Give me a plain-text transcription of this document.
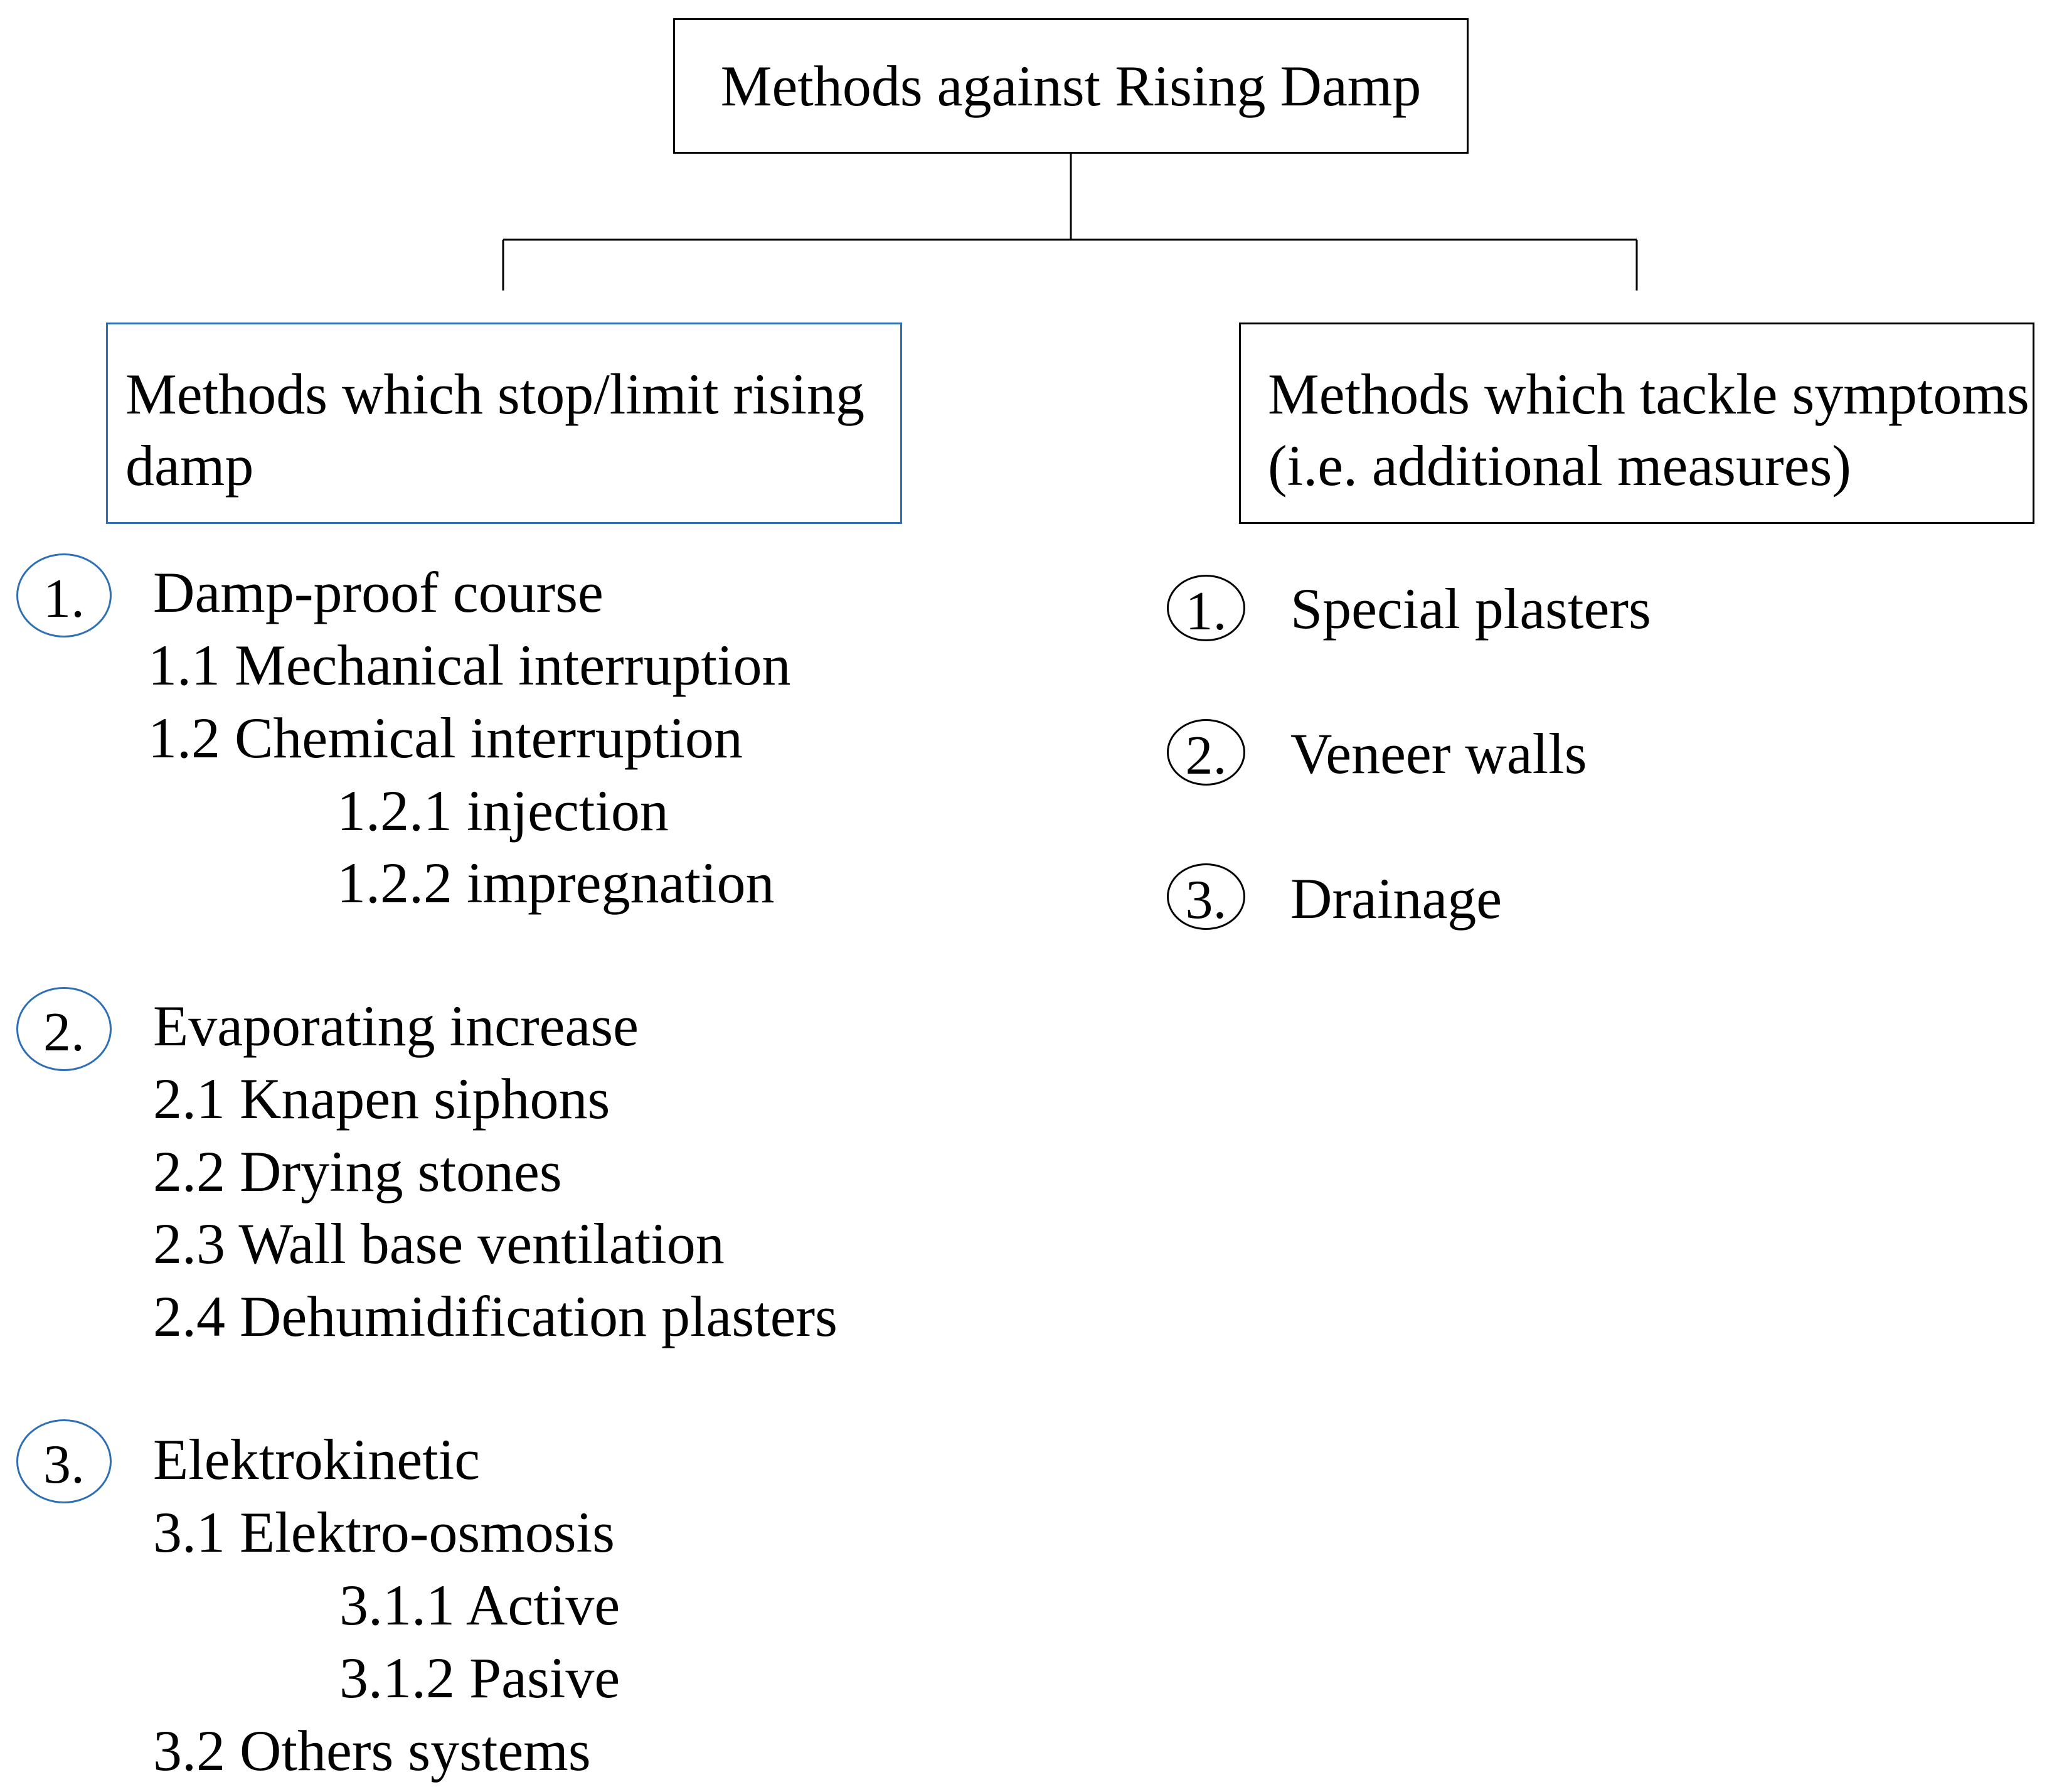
Methods against Rising Damp
Methods which stop/limit rising damp
Methods which tackle symptoms (i.e. additional measures)
1. Damp-proof course
1.1 Mechanical interruption
1.2 Chemical interruption
1.2.1 injection
1.2.2 impregnation
2. Evaporating increase
2.1 Knapen siphons
2.2 Drying stones
2.3 Wall base ventilation
2.4 Dehumidification plasters
3. Elektrokinetic
3.1 Elektro-osmosis
3.1.1 Active
3.1.2 Pasive
3.2 Others systems
1. Special plasters
2. Veneer walls
3. Drainage
